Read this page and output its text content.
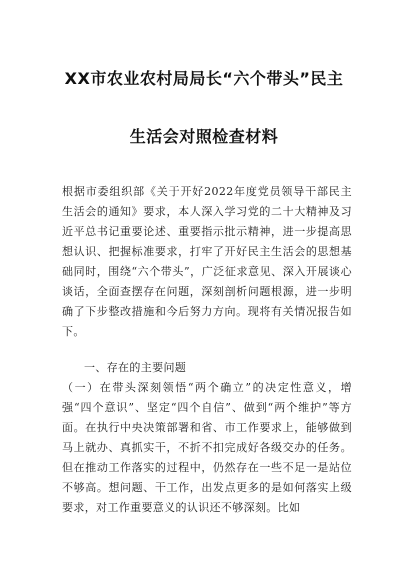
XX市农业农村局局长“六个带头”民主
生活会对照检查材料

根据市委组织部《关于开好2022年度党员领导干部民主生活会的通知》要求，本人深入学习党的二十大精神及习近平总书记重要论述、重要指示批示精神，进一步提高思想认识、把握标准要求，打牢了开好民主生活会的思想基础同时，围绕“六个带头”，广泛征求意见、深入开展谈心谈话，全面查摆存在问题，深刻剖析问题根源，进一步明确了下步整改措施和今后努力方向。现将有关情况报告如下。

一、存在的主要问题

（一）在带头深刻领悟“两个确立”的决定性意义，增强“四个意识”、坚定“四个自信”、做到“两个维护”等方面。在执行中央决策部署和省、市工作要求上，能够做到马上就办、真抓实干，不折不扣完成好各级交办的任务。但在推动工作落实的过程中，仍然存在一些不足一是站位不够高。想问题、干工作，出发点更多的是如何落实上级要求，对工作重要意义的认识还不够深刻。比如
